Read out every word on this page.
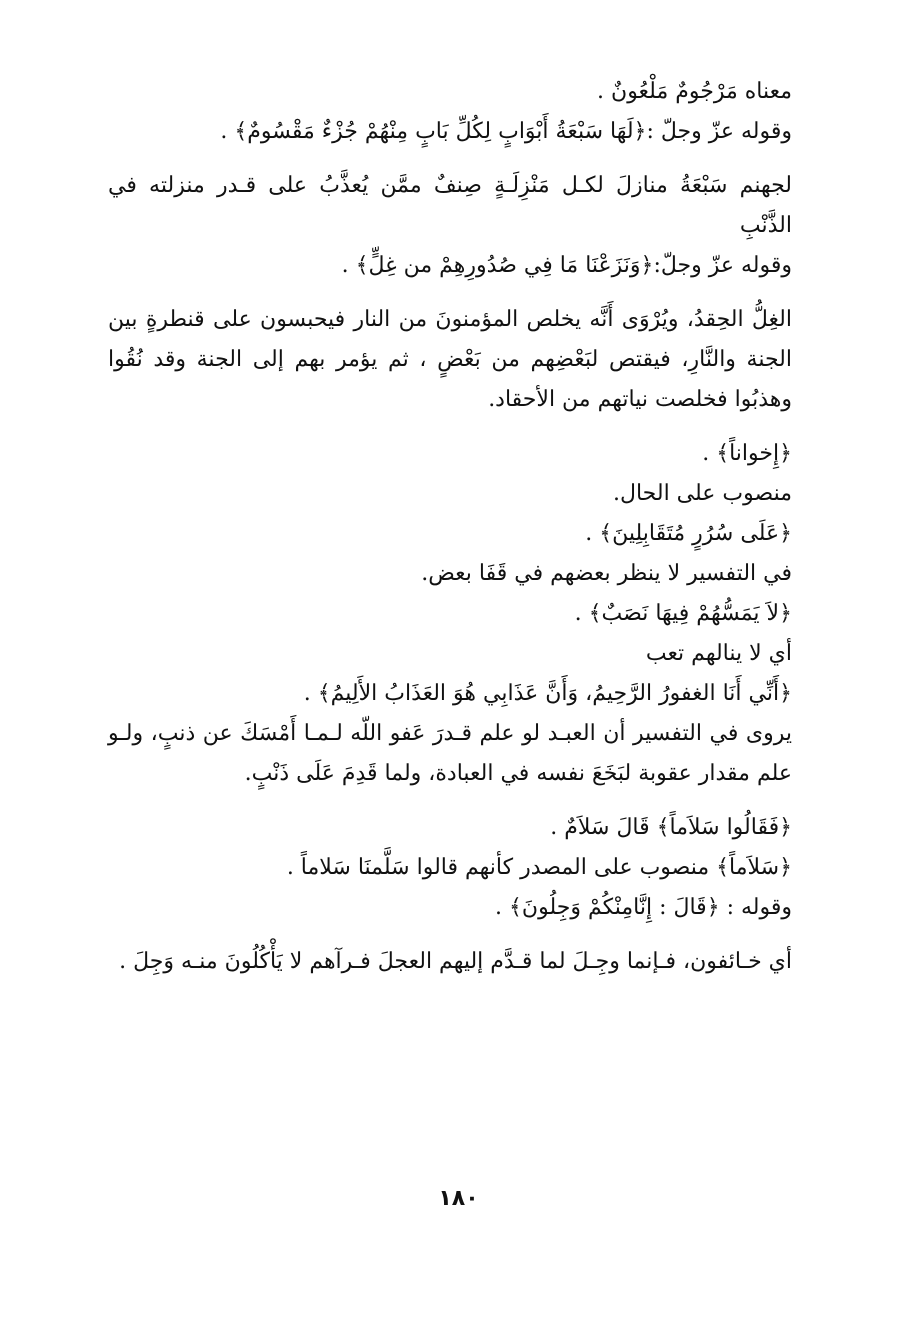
معناه مَرْجُومٌ مَلْعُونٌ .
وقوله عزّ وجلّ :﴿لَهَا سَبْعَةُ أَبْوَابٍ لِكُلِّ بَابٍ مِنْهُمْ جُزْءٌ مَقْسُومٌ﴾ .
لجهنم سَبْعَةُ منازلَ لكـل مَنْزِلَـةٍ صِنفٌ ممَّن يُعذَّبُ على قـدر منزلته في الذَّنْبِ
وقوله عزّ وجلّ:﴿وَنَزَعْنَا مَا فِي صُدُورِهِمْ من غِلٍّ﴾ .
الغِلُّ الحِقدُ، ويُرْوَى أَنَّه يخلص المؤمنونَ من النار فيحبسون على قنطرةٍ بين الجنة والنَّارِ، فيقتص لبَعْضِهم من بَعْضٍ ، ثم يؤمر بهم إلى الجنة وقد نُقُوا وهذبُوا فخلصت نياتهم من الأحقاد.
﴿إِخواناً﴾ .
منصوب على الحال.
﴿عَلَى سُرُرٍ مُتَقَابِلِينَ﴾ .
في التفسير لا ينظر بعضهم في قَفَا بعض.
﴿لاَ يَمَسُّهُمْ فِيهَا نَصَبٌ﴾ .
أي لا ينالهم تعب
﴿أَنِّي أَنَا الغفورُ الرَّحِيمُ، وَأَنَّ عَذَابِي هُوَ العَذَابُ الأَلِيمُ﴾ .
يروى في التفسير أن العبـد لو علم قـدرَ عَفو اللّه لـمـا أَمْسَكَ عن ذنبٍ، ولـو علم مقدار عقوبة لبَخَعَ نفسه في العبادة، ولما قَدِمَ عَلَى ذَنْبٍ.
﴿فَقَالُوا سَلاَماً﴾ قَالَ سَلاَمٌ .
﴿سَلاَماً﴾ منصوب على المصدر كأنهم قالوا سَلَّمنَا سَلاماً .
وقوله : ﴿قَالَ : إِنَّامِنْكُمْ وَجِلُونَ﴾ .
أي خـائفون، فـإنما وجِـلَ لما قـدَّم إليهم العجلَ فـرآهم لا يَأْكُلُونَ منـه وَجِلَ .
١٨٠
